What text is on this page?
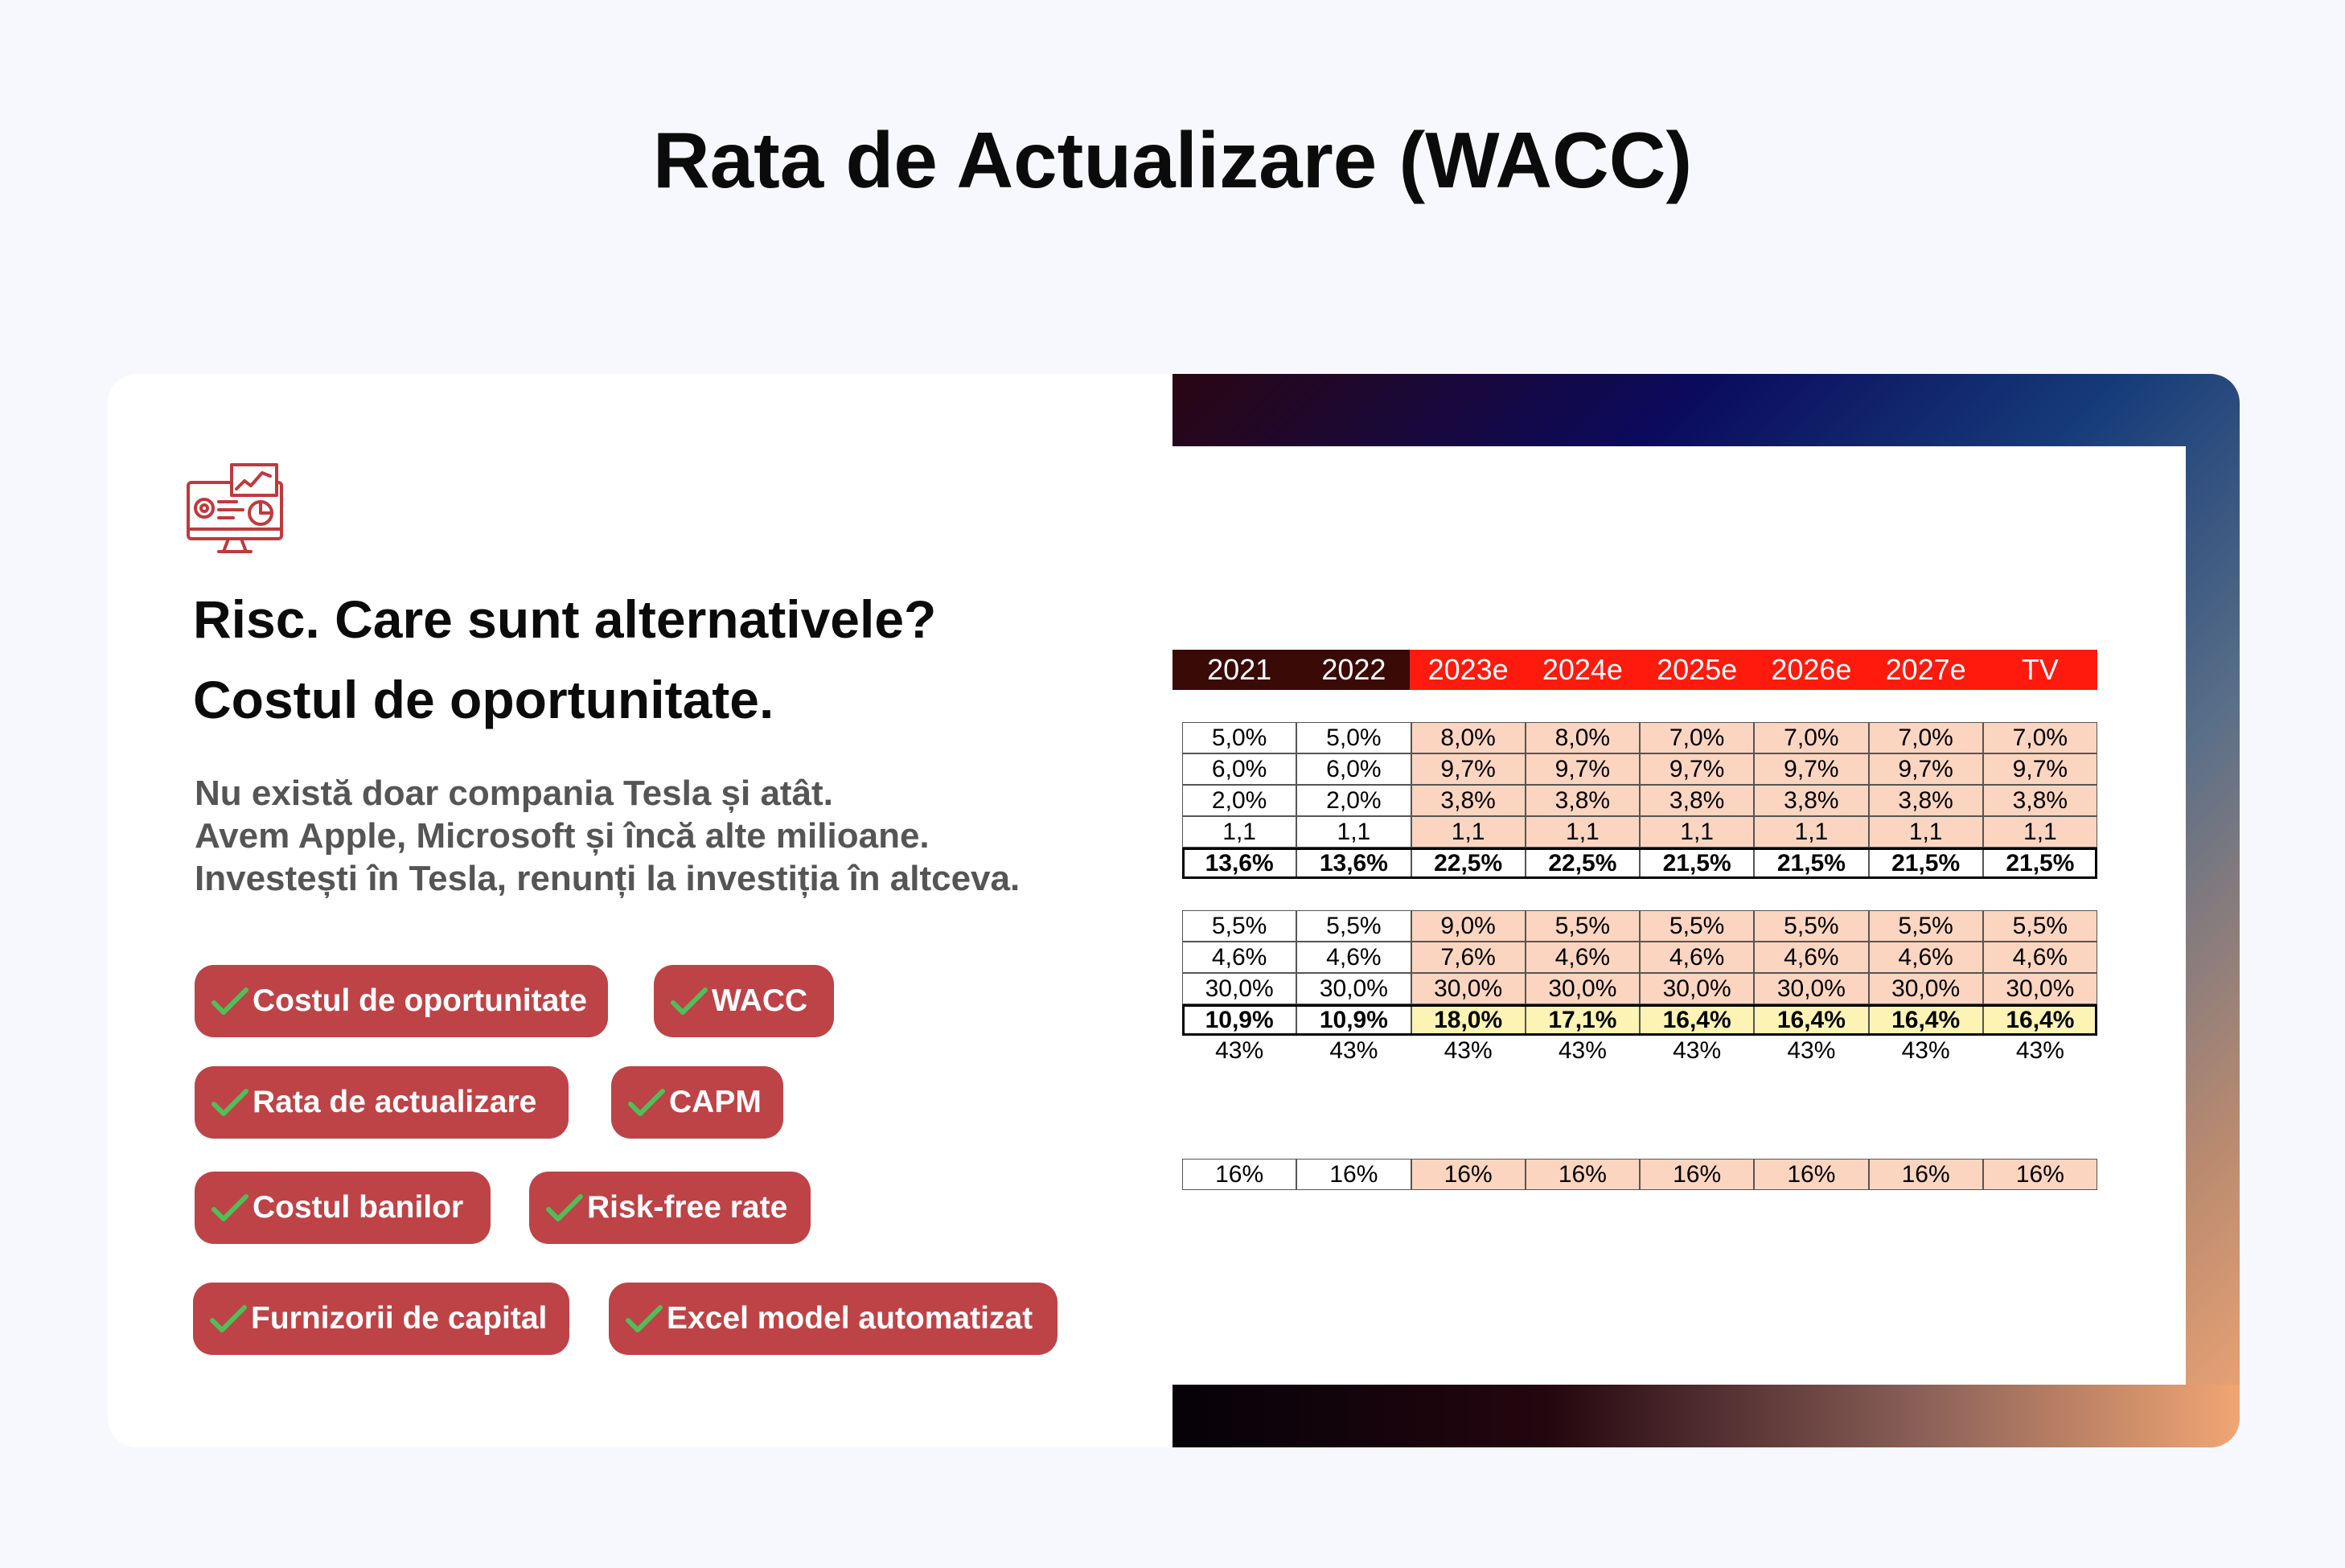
Rata de Actualizare (WACC)

Risc. Care sunt alternativele?
Costul de oportunitate.

Nu există doar compania Tesla și atât.
Avem Apple, Microsoft și încă alte milioane.
Investești în Tesla, renunți la investiția în altceva.

Costul de oportunitate	WACC
Rata de actualizare	CAPM
Costul banilor	Risk-free rate
Furnizorii de capital	Excel model automatizat
2021	2022	2023e	2024e	2025e	2026e	2027e	TV
5,0%	5,0%	8,0%	8,0%	7,0%	7,0%	7,0%	7,0%
6,0%	6,0%	9,7%	9,7%	9,7%	9,7%	9,7%	9,7%
2,0%	2,0%	3,8%	3,8%	3,8%	3,8%	3,8%	3,8%
1,1	1,1	1,1	1,1	1,1	1,1	1,1	1,1
13,6%	13,6%	22,5%	22,5%	21,5%	21,5%	21,5%	21,5%
5,5%	5,5%	9,0%	5,5%	5,5%	5,5%	5,5%	5,5%
4,6%	4,6%	7,6%	4,6%	4,6%	4,6%	4,6%	4,6%
30,0%	30,0%	30,0%	30,0%	30,0%	30,0%	30,0%	30,0%
10,9%	10,9%	18,0%	17,1%	16,4%	16,4%	16,4%	16,4%
43%	43%	43%	43%	43%	43%	43%	43%
16%	16%	16%	16%	16%	16%	16%	16%
